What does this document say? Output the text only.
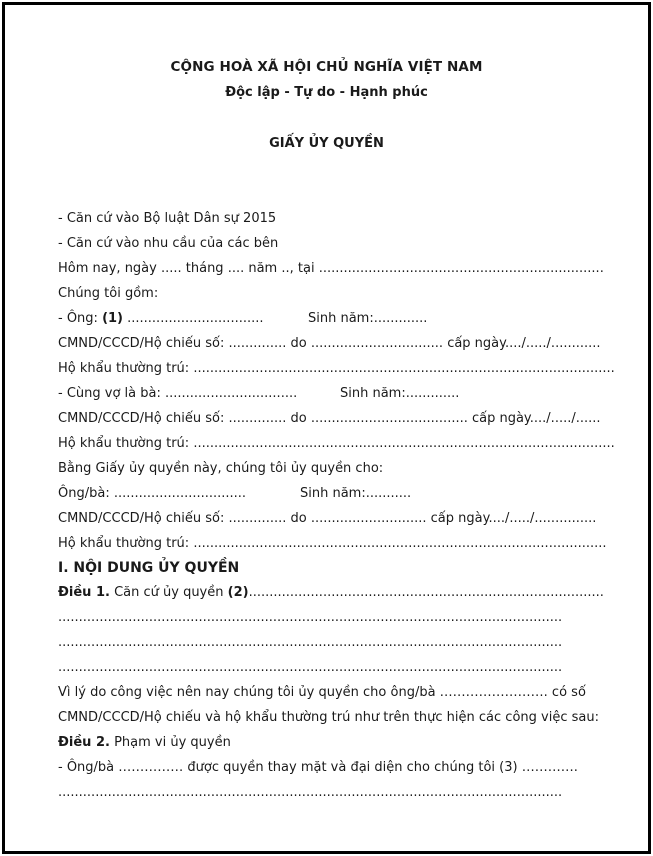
CỘNG HOÀ XÃ HỘI CHỦ NGHĨA VIỆT NAM
Độc lập - Tự do - Hạnh phúc
GIẤY ỦY QUYỀN
- Căn cứ vào Bộ luật Dân sự 2015
- Căn cứ vào nhu cầu của các bên
Hôm nay, ngày ..... tháng .... năm .., tại .....................................................................
Chúng tôi gồm:
- Ông: (1) .................................	Sinh năm:.............
CMND/CCCD/Hộ chiếu số: .............. do ................................ cấp ngày..../...../............
Hộ khẩu thường trú: ......................................................................................................
- Cùng vợ là bà: ................................	Sinh năm:.............
CMND/CCCD/Hộ chiếu số: .............. do ...................................... cấp ngày..../...../......
Hộ khẩu thường trú: ......................................................................................................
Bằng Giấy ủy quyền này, chúng tôi ủy quyền cho:
Ông/bà: ................................	Sinh năm:...........
CMND/CCCD/Hộ chiếu số: .............. do ............................ cấp ngày..../...../...............
Hộ khẩu thường trú: ....................................................................................................
I. NỘI DUNG ỦY QUYỀN
Điều 1. Căn cứ ủy quyền (2)......................................................................................
..........................................................................................................................
..........................................................................................................................
..........................................................................................................................
Vì lý do công việc nên nay chúng tôi ủy quyền cho ông/bà ……………………. có số
CMND/CCCD/Hộ chiếu và hộ khẩu thường trú như trên thực hiện các công việc sau:
Điều 2. Phạm vi ủy quyền
- Ông/bà …………… được quyền thay mặt và đại diện cho chúng tôi (3) ………….
..........................................................................................................................
